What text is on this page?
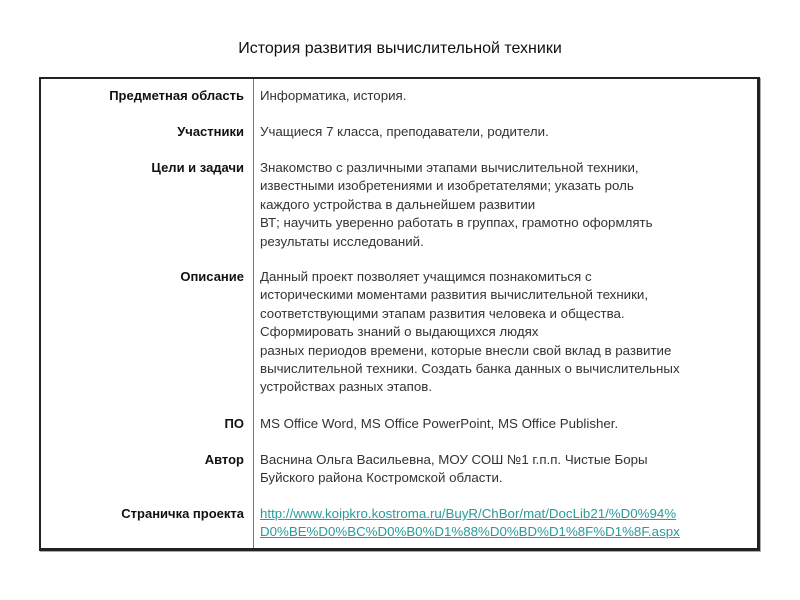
История развития вычислительной техники
Предметная область Информатика, история.
Участники Учащиеся 7 класса, преподаватели, родители.
Цели и задачи Знакомство с различными этапами вычислительной техники,
известными изобретениями и изобретателями; указать роль
каждого устройства в дальнейшем развитии
ВТ; научить уверенно работать в группах, грамотно оформлять
результаты исследований.
Описание Данный проект позволяет учащимся познакомиться с
историческими моментами развития вычислительной техники,
соответствующими этапам развития человека и общества.
Сформировать знаний о выдающихся людях
разных периодов времени, которые внесли свой вклад в развитие
вычислительной техники. Создать банка данных о вычислительных
устройствах разных этапов.
ПО MS Office Word, MS Office PowerPoint, MS Office Publisher.
Автор Васнина Ольга Васильевна, МОУ СОШ №1 г.п.п. Чистые Боры
Буйского района Костромской области.
Страничка проекта http://www.koipkro.kostroma.ru/BuyR/ChBor/mat/DocLib21/%D0%94%
D0%BE%D0%BC%D0%B0%D1%88%D0%BD%D1%8F%D1%8F.aspx
